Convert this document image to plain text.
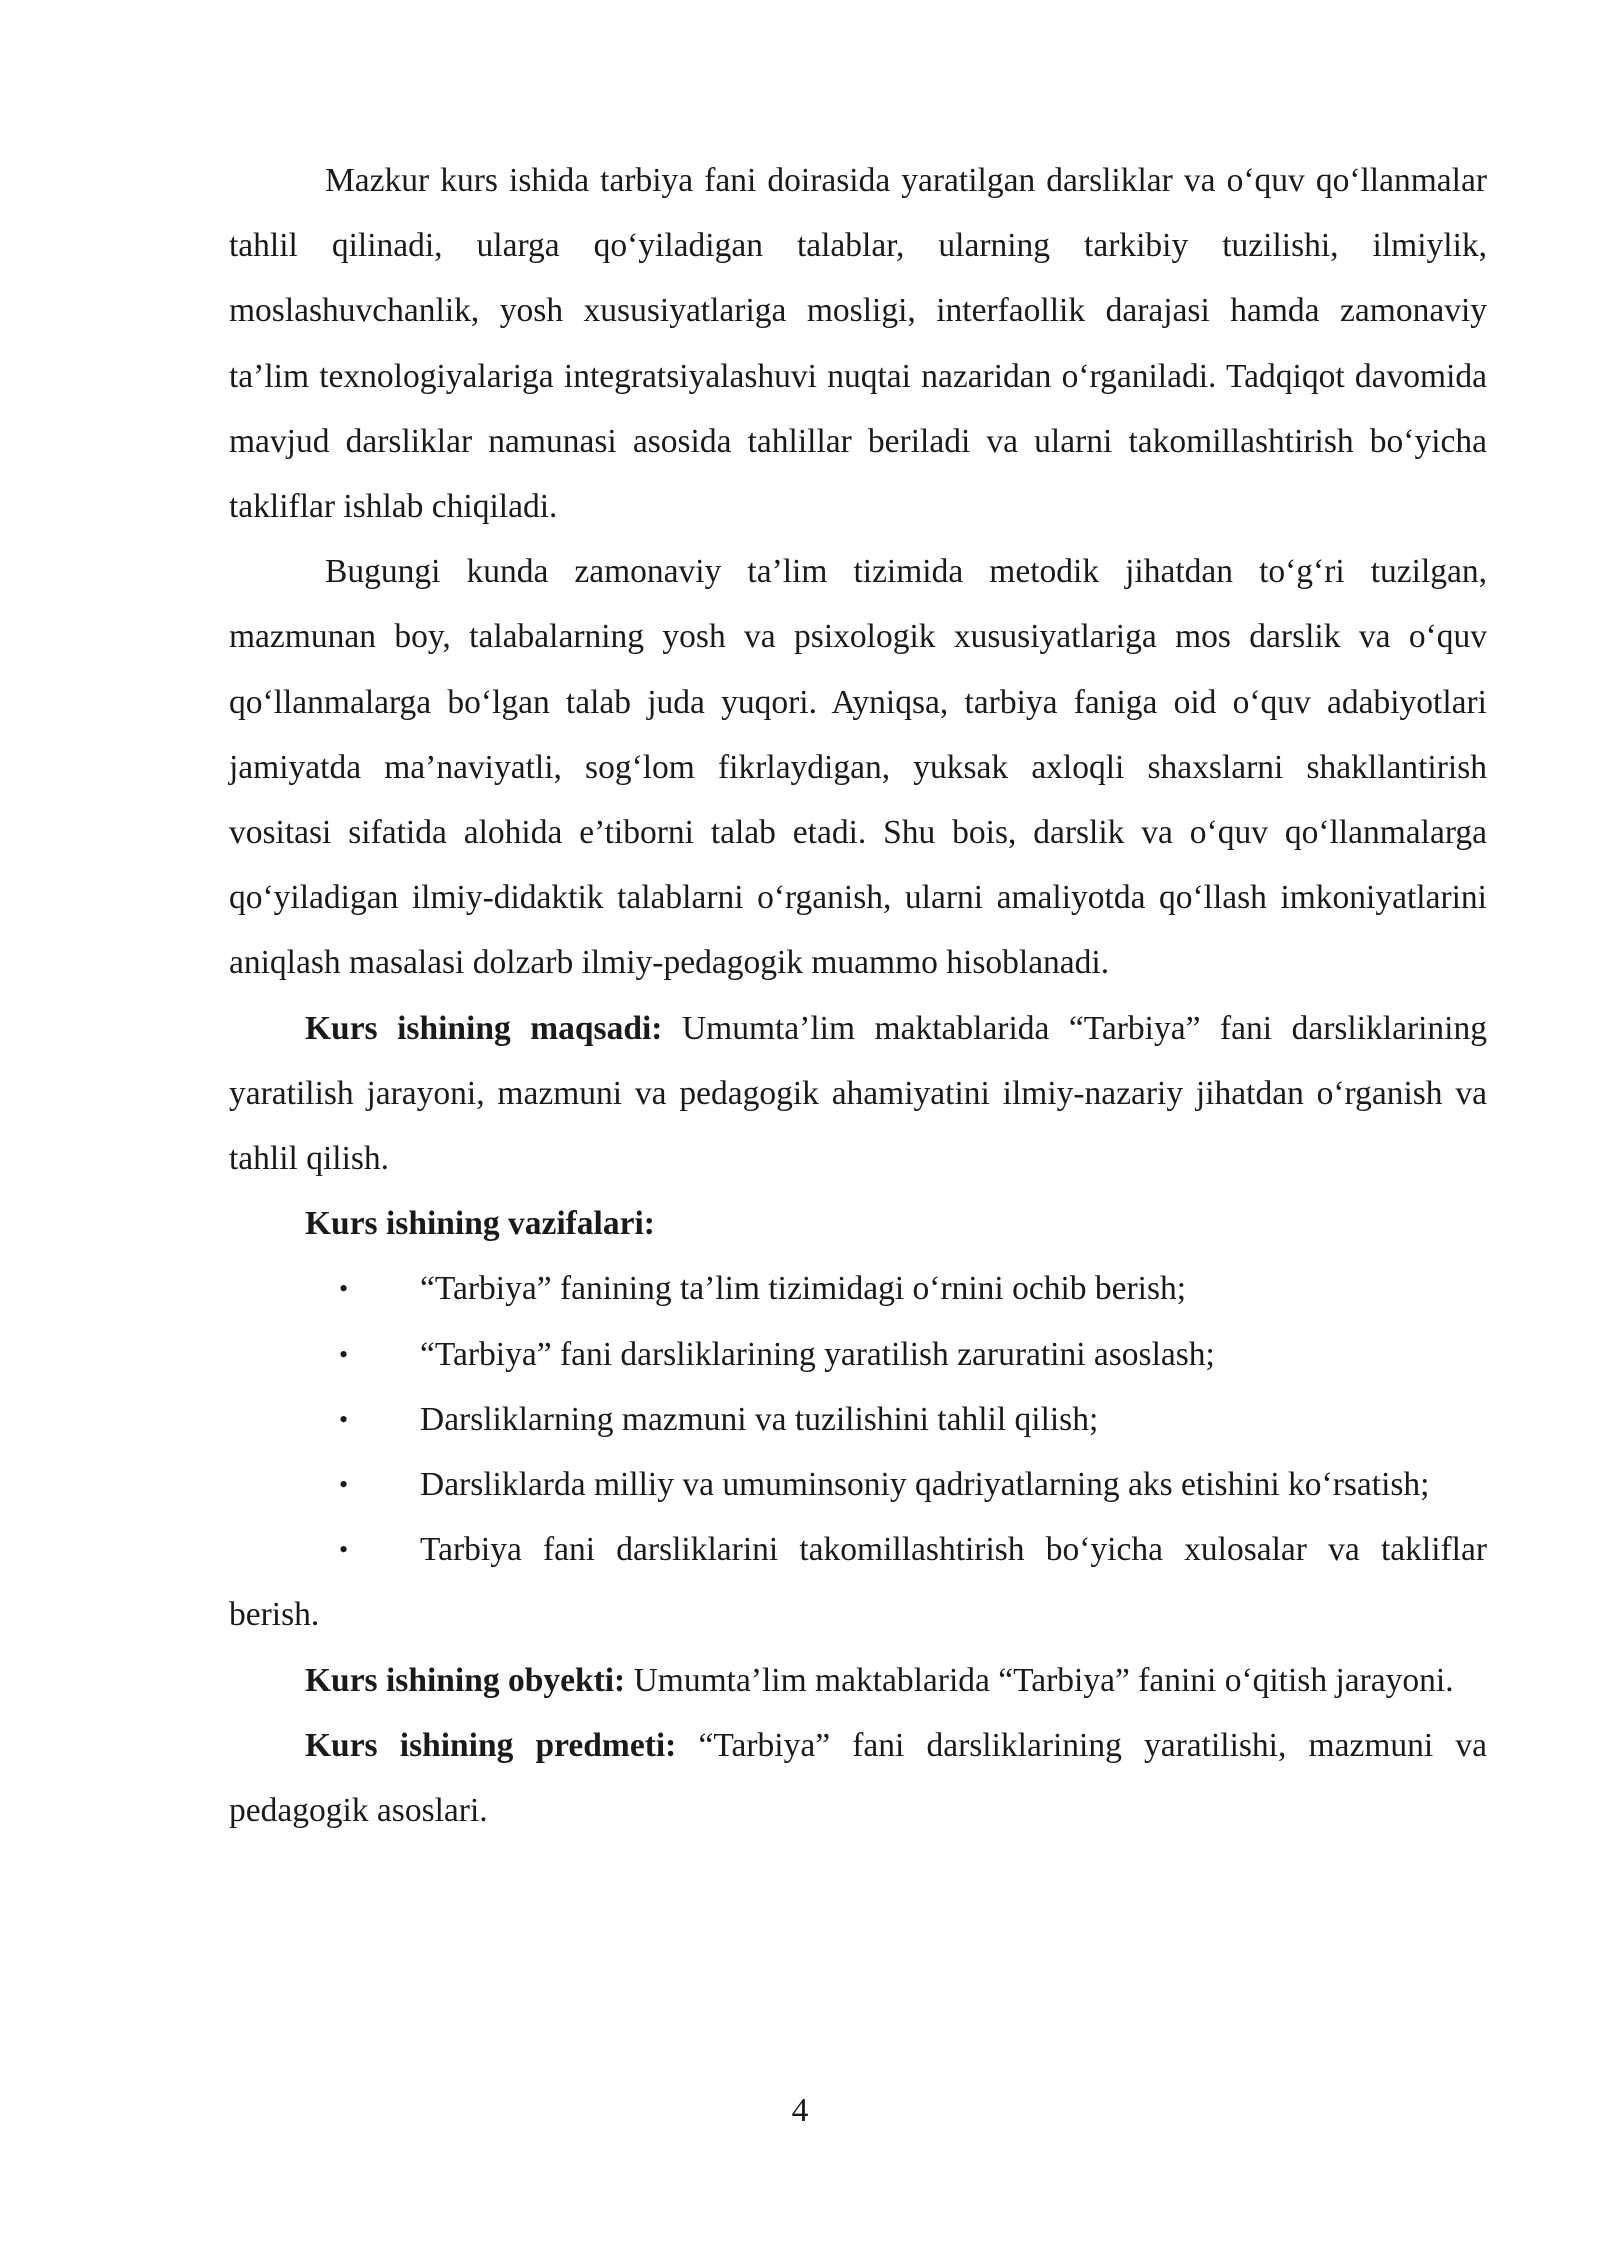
Mazkur kurs ishida tarbiya fani doirasida yaratilgan darsliklar va o‘quv qo‘llanmalar tahlil qilinadi, ularga qo‘yiladigan talablar, ularning tarkibiy tuzilishi, ilmiylik, moslashuvchanlik, yosh xususiyatlariga mosligi, interfaollik darajasi hamda zamonaviy ta’lim texnologiyalariga integratsiyalashuvi nuqtai nazaridan o‘rganiladi. Tadqiqot davomida mavjud darsliklar namunasi asosida tahlillar beriladi va ularni takomillashtirish bo‘yicha takliflar ishlab chiqiladi.

Bugungi kunda zamonaviy ta’lim tizimida metodik jihatdan to‘g‘ri tuzilgan, mazmunan boy, talabalarning yosh va psixologik xususiyatlariga mos darslik va o‘quv qo‘llanmalarga bo‘lgan talab juda yuqori. Ayniqsa, tarbiya faniga oid o‘quv adabiyotlari jamiyatda ma’naviyatli, sog‘lom fikrlaydigan, yuksak axloqli shaxslarni shakllantirish vositasi sifatida alohida e’tiborni talab etadi. Shu bois, darslik va o‘quv qo‘llanmalarga qo‘yiladigan ilmiy-didaktik talablarni o‘rganish, ularni amaliyotda qo‘llash imkoniyatlarini aniqlash masalasi dolzarb ilmiy-pedagogik muammo hisoblanadi.

Kurs ishining maqsadi: Umumta’lim maktablarida “Tarbiya” fani darsliklarining yaratilish jarayoni, mazmuni va pedagogik ahamiyatini ilmiy-nazariy jihatdan o‘rganish va tahlil qilish.

Kurs ishining vazifalari:

• “Tarbiya” fanining ta’lim tizimidagi o‘rnini ochib berish;

• “Tarbiya” fani darsliklarining yaratilish zaruratini asoslash;

• Darsliklarning mazmuni va tuzilishini tahlil qilish;

• Darsliklarda milliy va umuminsoniy qadriyatlarning aks etishini ko‘rsatish;

• Tarbiya fani darsliklarini takomillashtirish bo‘yicha xulosalar va takliflar berish.

Kurs ishining obyekti: Umumta’lim maktablarida “Tarbiya” fanini o‘qitish jarayoni.

Kurs ishining predmeti: “Tarbiya” fani darsliklarining yaratilishi, mazmuni va pedagogik asoslari.

4
